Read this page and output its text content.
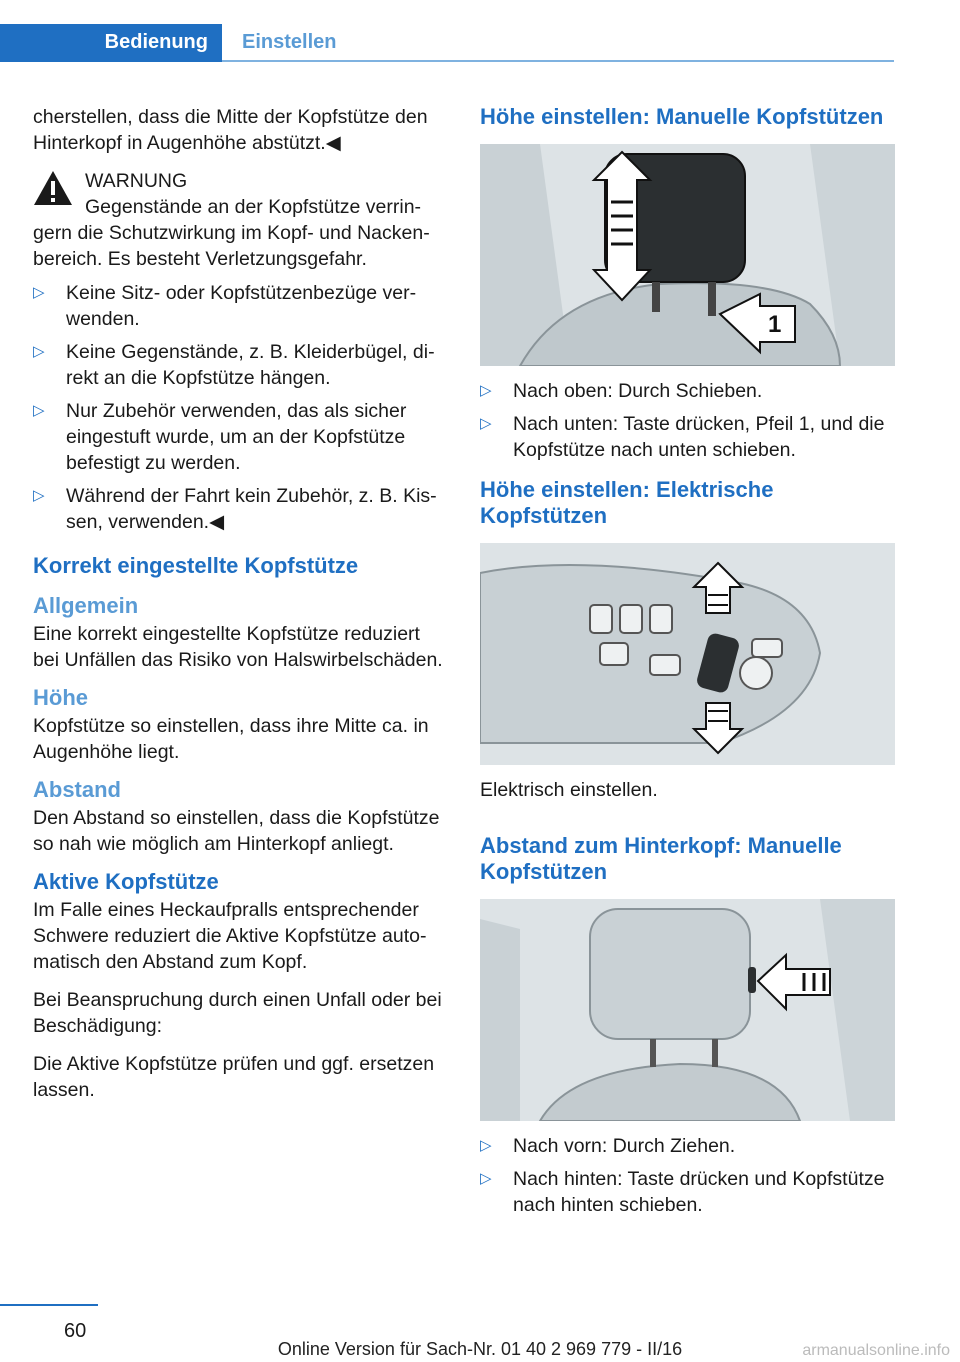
Bedienung	Einstellen

cherstellen, dass die Mitte der Kopfstütze den Hinterkopf in Augenhöhe abstützt.◀

WARNUNG

Gegenstände an der Kopfstütze verringern die Schutzwirkung im Kopf- und Nackenbereich. Es besteht Verletzungsgefahr.

▷ Keine Sitz- oder Kopfstützenbezüge verwenden.
▷ Keine Gegenstände, z. B. Kleiderbügel, direkt an die Kopfstütze hängen.
▷ Nur Zubehör verwenden, das als sicher eingestuft wurde, um an der Kopfstütze befestigt zu werden.
▷ Während der Fahrt kein Zubehör, z. B. Kissen, verwenden.◀
Korrekt eingestellte Kopfstütze
Allgemein

Eine korrekt eingestellte Kopfstütze reduziert bei Unfällen das Risiko von Halswirbelschäden.

Höhe

Kopfstütze so einstellen, dass ihre Mitte ca. in Augenhöhe liegt.

Abstand

Den Abstand so einstellen, dass die Kopfstütze so nah wie möglich am Hinterkopf anliegt.

Aktive Kopfstütze

Im Falle eines Heckaufpralls entsprechender Schwere reduziert die Aktive Kopfstütze automatisch den Abstand zum Kopf.

Bei Beanspruchung durch einen Unfall oder bei Beschädigung:

Die Aktive Kopfstütze prüfen und ggf. ersetzen lassen.

Höhe einstellen: Manuelle Kopfstützen
1
▷ Nach oben: Durch Schieben.
▷ Nach unten: Taste drücken, Pfeil 1, und die Kopfstütze nach unten schieben.
Höhe einstellen: Elektrische Kopfstützen

Elektrisch einstellen.

Abstand zum Hinterkopf: Manuelle Kopfstützen
▷ Nach vorn: Durch Ziehen.
▷ Nach hinten: Taste drücken und Kopfstütze nach hinten schieben.
60
Online Version für Sach-Nr. 01 40 2 969 779 - II/16	armanualsonline.info
